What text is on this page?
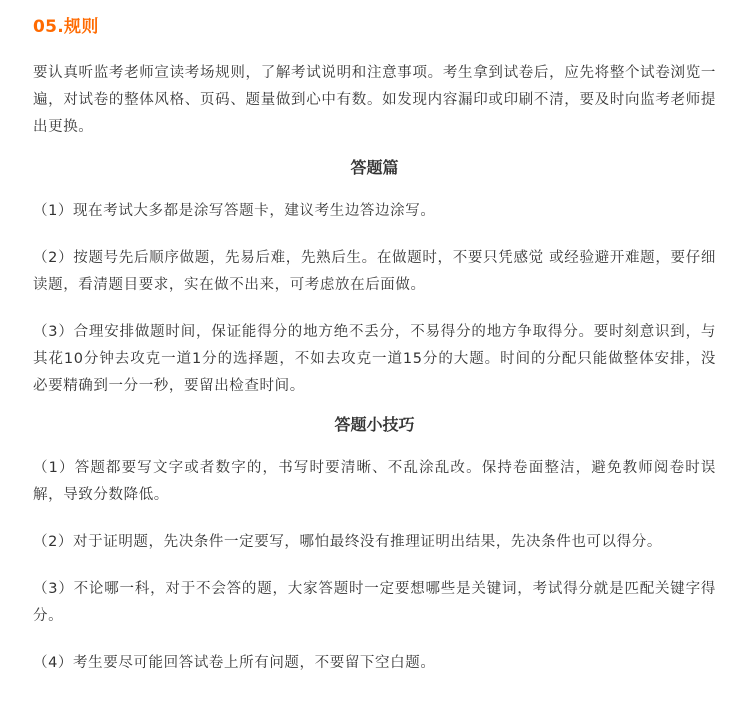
05.规则

要认真听监考老师宣读考场规则，了解考试说明和注意事项。考生拿到试卷后，应先将整个试卷浏览一遍，对试卷的整体风格、页码、题量做到心中有数。如发现内容漏印或印刷不清，要及时向监考老师提出更换。

答题篇

（1）现在考试大多都是涂写答题卡，建议考生边答边涂写。

（2）按题号先后顺序做题，先易后难，先熟后生。在做题时，不要只凭感觉 或经验避开难题，要仔细读题，看清题目要求，实在做不出来，可考虑放在后面做。

（3）合理安排做题时间，保证能得分的地方绝不丢分，不易得分的地方争取得分。要时刻意识到，与其花10分钟去攻克一道1分的选择题，不如去攻克一道15分的大题。时间的分配只能做整体安排，没必要精确到一分一秒，要留出检查时间。

答题小技巧

（1）答题都要写文字或者数字的，书写时要清晰、不乱涂乱改。保持卷面整洁，避免教师阅卷时误解，导致分数降低。

（2）对于证明题，先决条件一定要写，哪怕最终没有推理证明出结果，先决条件也可以得分。

（3）不论哪一科，对于不会答的题，大家答题时一定要想哪些是关键词，考试得分就是匹配关键字得分。

（4）考生要尽可能回答试卷上所有问题，不要留下空白题。
